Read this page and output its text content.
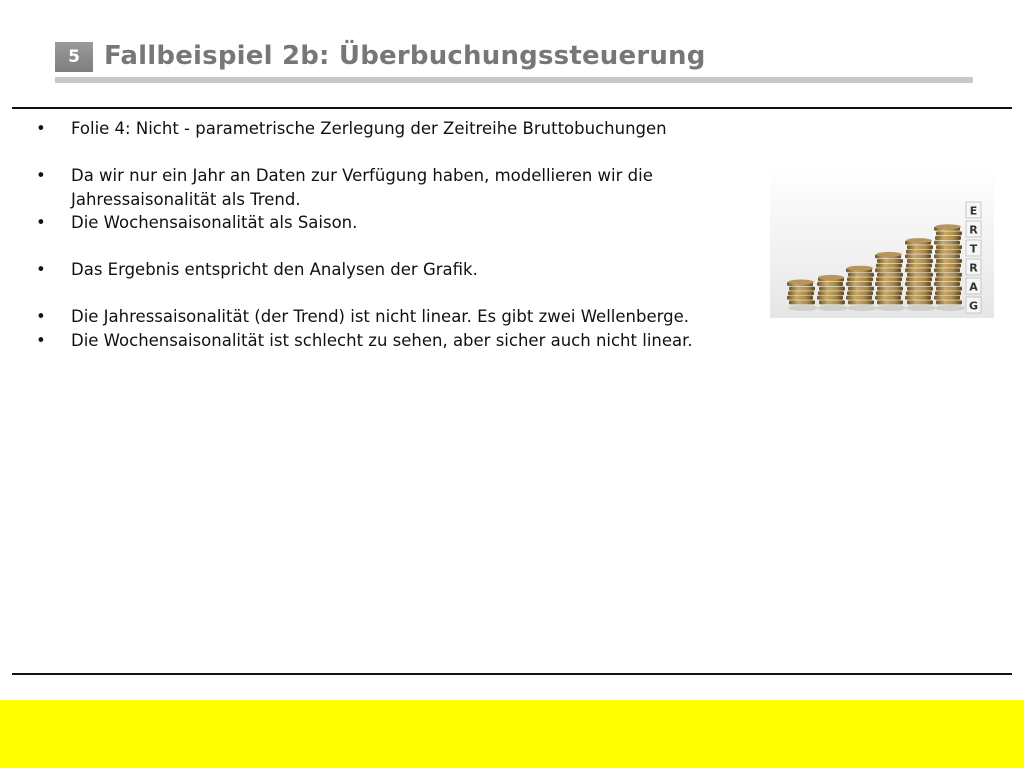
5 Fallbeispiel 2b: Überbuchungssteuerung
• Folie 4: Nicht - parametrische Zerlegung der Zeitreihe Bruttobuchungen
• Da wir nur ein Jahr an Daten zur Verfügung haben, modellieren wir die Jahressaisonalität als Trend.
• Die Wochensaisonalität als Saison.
• Das Ergebnis entspricht den Analysen der Grafik.
• Die Jahressaisonalität (der Trend) ist nicht linear. Es gibt zwei Wellenberge.
• Die Wochensaisonalität ist schlecht zu sehen, aber sicher auch nicht linear.
E
R
T
R
A
G
